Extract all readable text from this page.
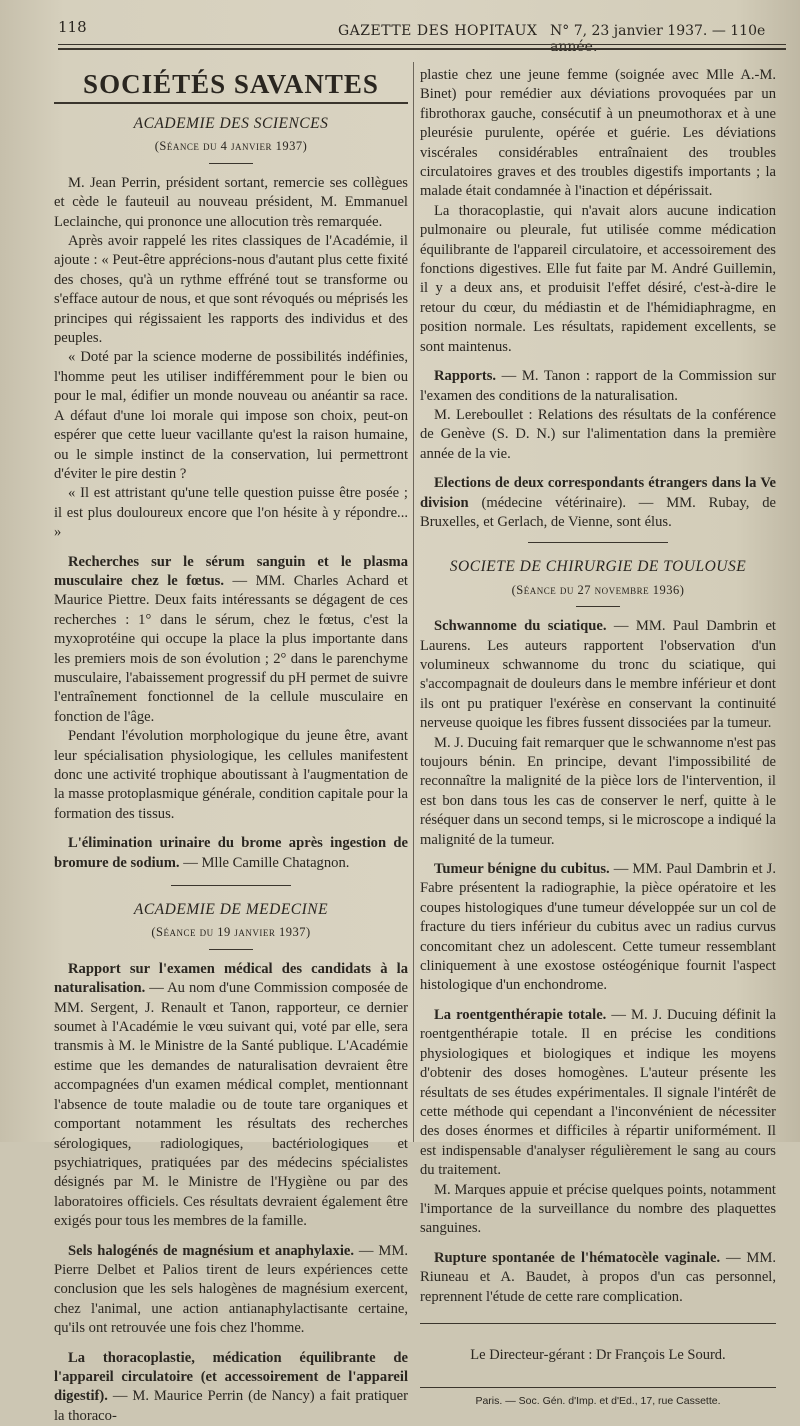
118	GAZETTE DES HOPITAUX N° 7, 23 janvier 1937. — 110e année.
SOCIÉTÉS SAVANTES
ACADEMIE DES SCIENCES
(Séance du 4 janvier 1937)

M. Jean Perrin, président sortant, remercie ses collègues et cède le fauteuil au nouveau président, M. Emmanuel Leclainche, qui prononce une allocution très remarquée.

Après avoir rappelé les rites classiques de l'Académie, il ajoute : « Peut-être apprécions-nous d'autant plus cette fixité des choses, qu'à un rythme effréné tout se transforme ou s'efface autour de nous, et que sont révoqués ou méprisés les principes qui régissaient les rapports des individus et des peuples.

« Doté par la science moderne de possibilités indéfinies, l'homme peut les utiliser indifféremment pour le bien ou pour le mal, édifier un monde nouveau ou anéantir sa race. A défaut d'une loi morale qui impose son choix, peut-on espérer que cette lueur vacillante qu'est la raison humaine, ou le simple instinct de la conservation, lui permettront d'éviter le pire destin ?

« Il est attristant qu'une telle question puisse être posée ; il est plus douloureux encore que l'on hésite à y répondre... »

Recherches sur le sérum sanguin et le plasma musculaire chez le fœtus. — MM. Charles Achard et Maurice Piettre. Deux faits intéressants se dégagent de ces recherches : 1° dans le sérum, chez le fœtus, c'est la myxoprotéine qui occupe la place la plus importante dans les premiers mois de son évolution ; 2° dans le parenchyme musculaire, l'abaissement progressif du pH permet de suivre l'entraînement fonctionnel de la cellule musculaire en fonction de l'âge.

Pendant l'évolution morphologique du jeune être, avant leur spécialisation physiologique, les cellules manifestent donc une activité trophique aboutissant à l'augmentation de la masse protoplasmique générale, condition capitale pour la formation des tissus.

L'élimination urinaire du brome après ingestion de bromure de sodium. — Mlle Camille Chatagnon.

ACADEMIE DE MEDECINE
(Séance du 19 janvier 1937)

Rapport sur l'examen médical des candidats à la naturalisation. — Au nom d'une Commission composée de MM. Sergent, J. Renault et Tanon, rapporteur, ce dernier soumet à l'Académie le vœu suivant qui, voté par elle, sera transmis à M. le Ministre de la Santé publique. L'Académie estime que les demandes de naturalisation devraient être accompagnées d'un examen médical complet, mentionnant l'absence de toute maladie ou de toute tare organiques et comportant notamment les résultats des recherches sérologiques, radiologiques, bactériologiques et psychiatriques, pratiquées par des médecins spécialistes désignés par M. le Ministre de l'Hygiène ou par des laboratoires officiels. Ces résultats devraient également être exigés pour tous les membres de la famille.

Sels halogénés de magnésium et anaphylaxie. — MM. Pierre Delbet et Palios tirent de leurs expériences cette conclusion que les sels halogènes de magnésium exercent, chez l'animal, une action antianaphylactisante certaine, qu'ils ont retrouvée une fois chez l'homme.

La thoracoplastie, médication équilibrante de l'appareil circulatoire (et accessoirement de l'appareil digestif). — M. Maurice Perrin (de Nancy) a fait pratiquer la thoraco-

plastie chez une jeune femme (soignée avec Mlle A.-M. Binet) pour remédier aux déviations provoquées par un fibrothorax gauche, consécutif à un pneumothorax et à une pleurésie purulente, opérée et guérie. Les déviations viscérales considérables entraînaient des troubles circulatoires graves et des troubles digestifs importants ; la malade était condamnée à l'inaction et dépérissait.

La thoracoplastie, qui n'avait alors aucune indication pulmonaire ou pleurale, fut utilisée comme médication équilibrante de l'appareil circulatoire, et accessoirement des fonctions digestives. Elle fut faite par M. André Guillemin, il y a deux ans, et produisit l'effet désiré, c'est-à-dire le retour du cœur, du médiastin et de l'hémidiaphragme, en position normale. Les résultats, rapidement excellents, se sont maintenus.

Rapports. — M. Tanon : rapport de la Commission sur l'examen des conditions de la naturalisation.

M. Lereboullet : Relations des résultats de la conférence de Genève (S. D. N.) sur l'alimentation dans la première année de la vie.

Elections de deux correspondants étrangers dans la Ve division (médecine vétérinaire). — MM. Rubay, de Bruxelles, et Gerlach, de Vienne, sont élus.

SOCIETE DE CHIRURGIE DE TOULOUSE
(Séance du 27 novembre 1936)

Schwannome du sciatique. — MM. Paul Dambrin et Laurens. Les auteurs rapportent l'observation d'un volumineux schwannome du tronc du sciatique, qui s'accompagnait de douleurs dans le membre inférieur et dont ils ont pu pratiquer l'exérèse en conservant la continuité nerveuse quoique les fibres fussent dissociées par la tumeur.

M. J. Ducuing fait remarquer que le schwannome n'est pas toujours bénin. En principe, devant l'impossibilité de reconnaître la malignité de la pièce lors de l'intervention, il est bon dans tous les cas de conserver le nerf, quitte à le réséquer dans un second temps, si le microscope a indiqué la malignité de la tumeur.

Tumeur bénigne du cubitus. — MM. Paul Dambrin et J. Fabre présentent la radiographie, la pièce opératoire et les coupes histologiques d'une tumeur développée sur un col de fracture du tiers inférieur du cubitus avec un radius curvus concomitant chez un adolescent. Cette tumeur ressemblant cliniquement à une exostose ostéogénique fournit l'aspect histologique d'un enchondrome.

La roentgenthérapie totale. — M. J. Ducuing définit la roentgenthérapie totale. Il en précise les conditions physiologiques et biologiques et indique les moyens d'obtenir des doses homogènes. L'auteur présente les résultats de ses études expérimentales. Il signale l'intérêt de cette méthode qui cependant a l'inconvénient de nécessiter des doses énormes et difficiles à répartir uniformément. Il est indispensable d'analyser régulièrement le sang au cours du traitement.

M. Marques appuie et précise quelques points, notamment l'importance de la surveillance du nombre des plaquettes sanguines.

Rupture spontanée de l'hématocèle vaginale. — MM. Riuneau et A. Baudet, à propos d'un cas personnel, reprennent l'étude de cette rare complication.

Le Directeur-gérant : Dr François Le Sourd.
Paris. — Soc. Gén. d'Imp. et d'Ed., 17, rue Cassette.
